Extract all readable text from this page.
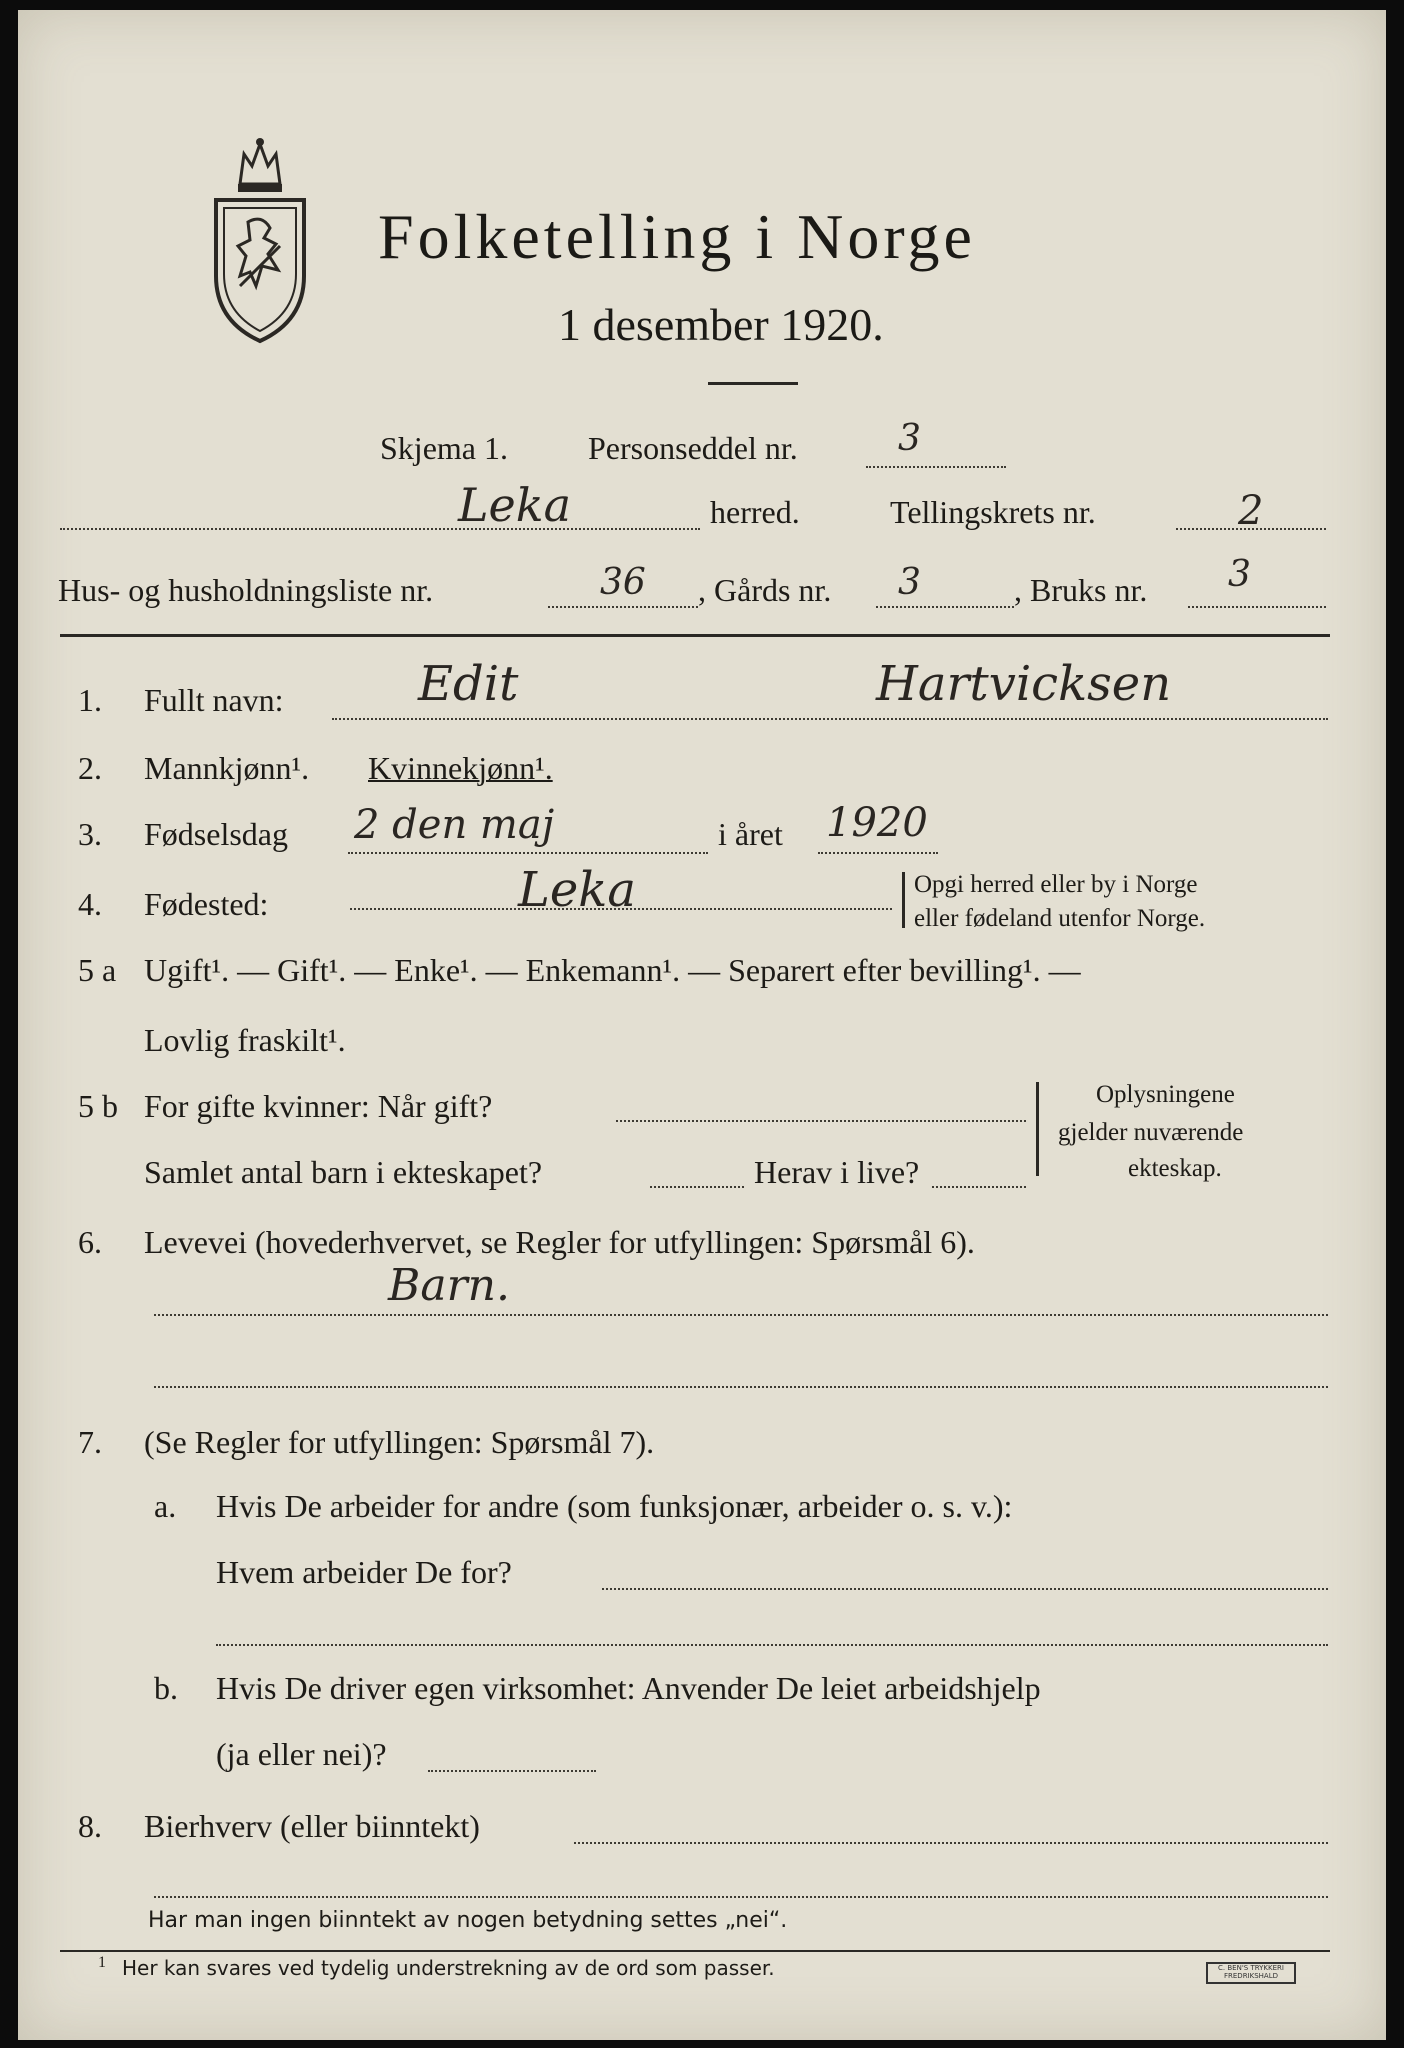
Folketelling i Norge
1 desember 1920.
Skjema 1.	Personseddel nr.	3
Leka	herred.	Tellingskrets nr.	2
Hus- og husholdningsliste nr.	36 , Gårds nr. 3	, Bruks nr. 3
1. Fullt navn:	Edit	Hartvicksen
2. Mannkjønn¹. Kvinnekjønn¹.
3. Fødselsdag 2 den maj	i året 1920
4. Fødested:	Leka	Opgi herred eller by i Norge
eller fødeland utenfor Norge.
5 a Ugift¹. — Gift¹. — Enke¹. — Enkemann¹. — Separert efter bevilling¹. —
Lovlig fraskilt¹.
5 b For gifte kvinner: Når gift?
Samlet antal barn i ekteskapet?	Herav i live?
Oplysningene
gjelder nuværende
ekteskap.
6. Levevei (hovederhvervet, se Regler for utfyllingen: Spørsmål 6).
Barn.
7. (Se Regler for utfyllingen: Spørsmål 7).
a. Hvis De arbeider for andre (som funksjonær, arbeider o. s. v.):
Hvem arbeider De for?
b. Hvis De driver egen virksomhet: Anvender De leiet arbeidshjelp
(ja eller nei)?
8. Bierhverv (eller biinntekt)
Har man ingen biinntekt av nogen betydning settes „nei“.
1 Her kan svares ved tydelig understrekning av de ord som passer.	C. BEN'S TRYKKERI FREDRIKSHALD
